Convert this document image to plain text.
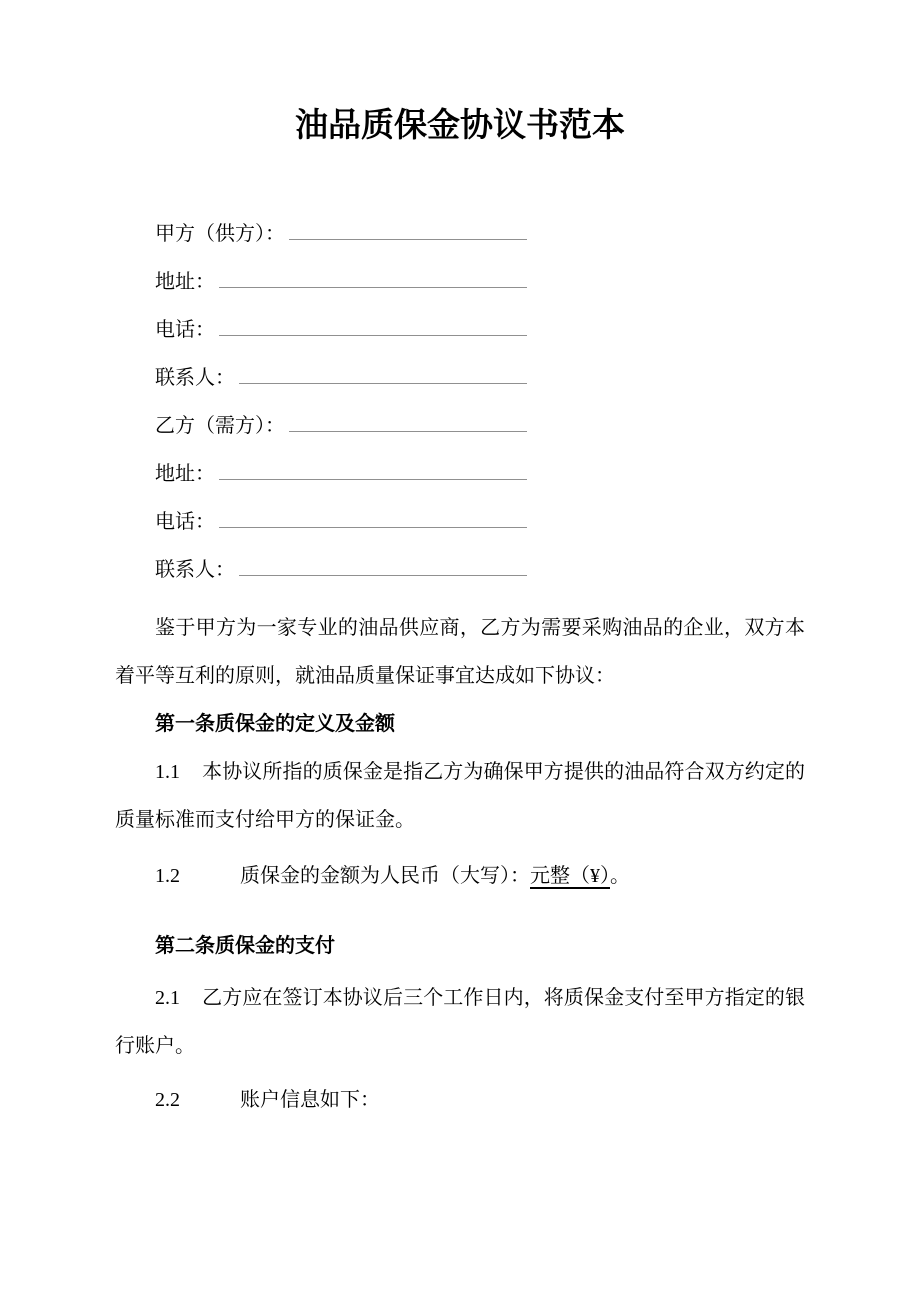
油品质保金协议书范本
甲方（供方）：
地址：
电话：
联系人：
乙方（需方）：
地址：
电话：
联系人：

鉴于甲方为一家专业的油品供应商，乙方为需要采购油品的企业，双方本着平等互利的原则，就油品质量保证事宜达成如下协议：

第一条质保金的定义及金额

1.1 本协议所指的质保金是指乙方为确保甲方提供的油品符合双方约定的质量标准而支付给甲方的保证金。

1.2	质保金的金额为人民币（大写）：元整（¥）。

第二条质保金的支付

2.1 乙方应在签订本协议后三个工作日内，将质保金支付至甲方指定的银行账户。

2.2	账户信息如下：
